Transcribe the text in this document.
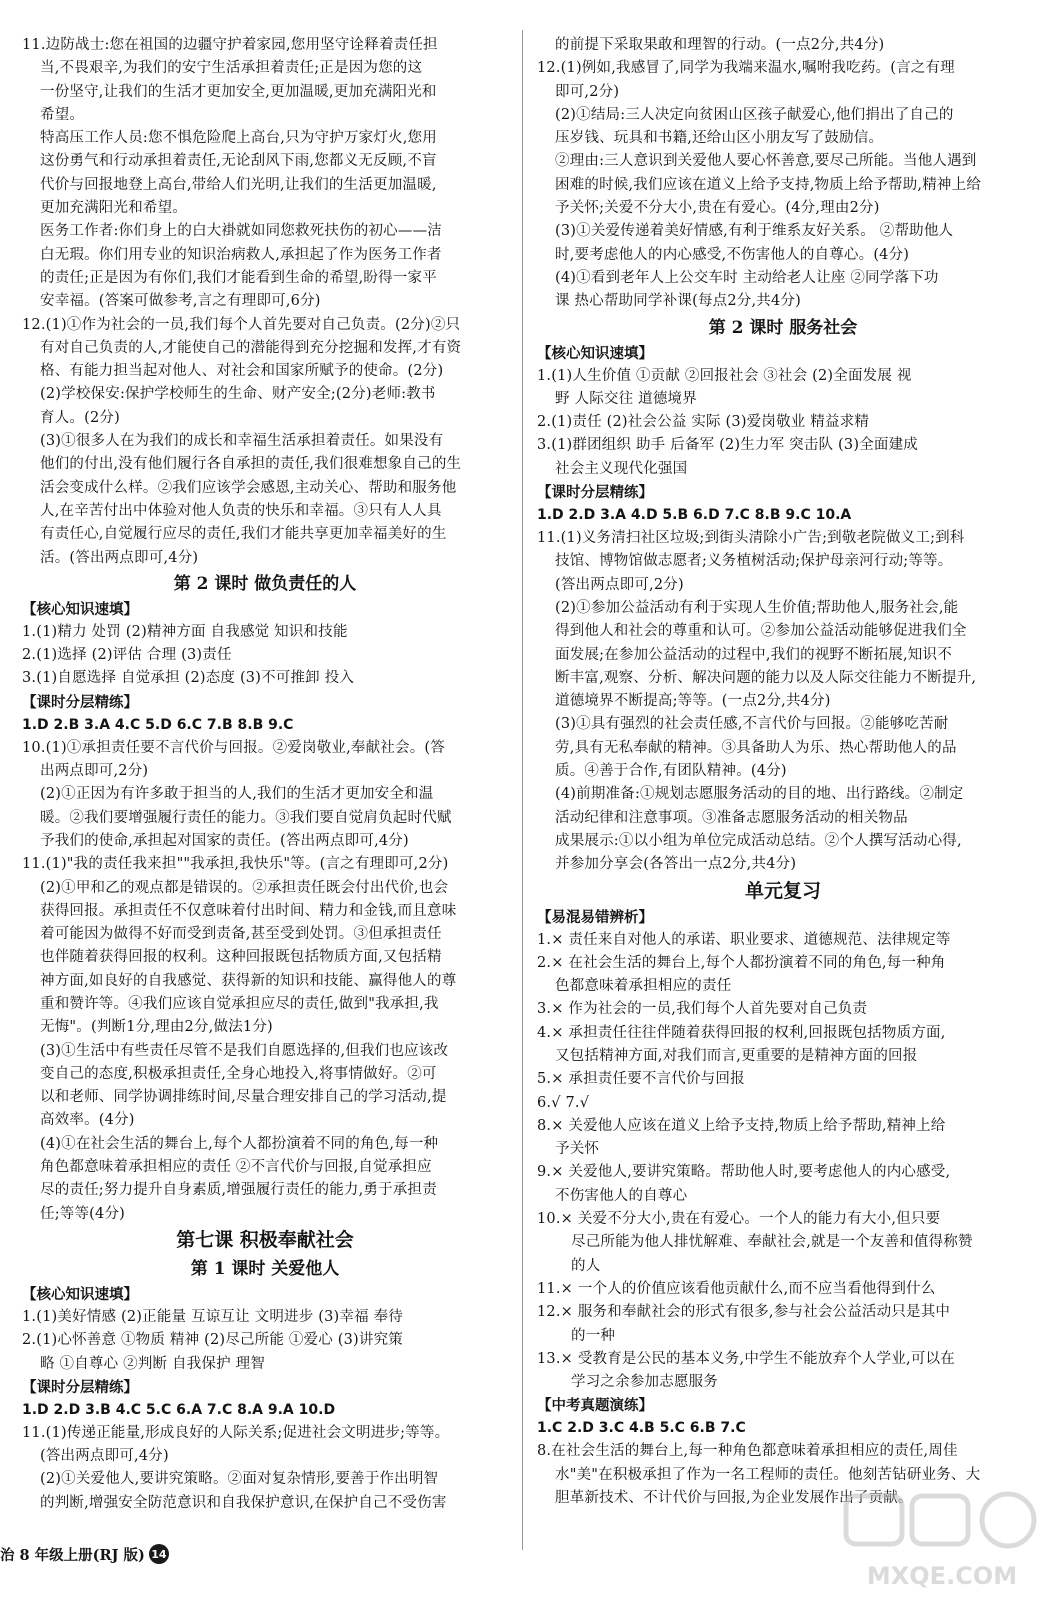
11.边防战士:您在祖国的边疆守护着家园,您用坚守诠释着责任担
当,不畏艰辛,为我们的安宁生活承担着责任;正是因为您的这
一份坚守,让我们的生活才更加安全,更加温暖,更加充满阳光和
希望。
特高压工作人员:您不惧危险爬上高台,只为守护万家灯火,您用
这份勇气和行动承担着责任,无论刮风下雨,您都义无反顾,不盲
代价与回报地登上高台,带给人们光明,让我们的生活更加温暖,
更加充满阳光和希望。
医务工作者:你们身上的白大褂就如同您救死扶伤的初心——洁
白无瑕。你们用专业的知识治病救人,承担起了作为医务工作者
的责任;正是因为有你们,我们才能看到生命的希望,盼得一家平
安幸福。(答案可做参考,言之有理即可,6分)
12.(1)①作为社会的一员,我们每个人首先要对自己负责。(2分)②只
有对自己负责的人,才能使自己的潜能得到充分挖掘和发挥,才有资
格、有能力担当起对他人、对社会和国家所赋予的使命。(2分)
(2)学校保安:保护学校师生的生命、财产安全;(2分)老师:教书
育人。(2分)
(3)①很多人在为我们的成长和幸福生活承担着责任。如果没有
他们的付出,没有他们履行各自承担的责任,我们很难想象自己的生
活会变成什么样。②我们应该学会感恩,主动关心、帮助和服务他
人,在辛苦付出中体验对他人负责的快乐和幸福。③只有人人具
有责任心,自觉履行应尽的责任,我们才能共享更加幸福美好的生
活。(答出两点即可,4分)
第 2 课时 做负责任的人
【核心知识速填】
1.(1)精力 处罚 (2)精神方面 自我感觉 知识和技能
2.(1)选择 (2)评估 合理 (3)责任
3.(1)自愿选择 自觉承担 (2)态度 (3)不可推卸 投入
【课时分层精练】
1.D 2.B 3.A 4.C 5.D 6.C 7.B 8.B 9.C
10.(1)①承担责任要不言代价与回报。②爱岗敬业,奉献社会。(答
出两点即可,2分)
(2)①正因为有许多敢于担当的人,我们的生活才更加安全和温
暖。②我们要增强履行责任的能力。③我们要自觉肩负起时代赋
予我们的使命,承担起对国家的责任。(答出两点即可,4分)
11.(1)"我的责任我来担""我承担,我快乐"等。(言之有理即可,2分)
(2)①甲和乙的观点都是错误的。②承担责任既会付出代价,也会
获得回报。承担责任不仅意味着付出时间、精力和金钱,而且意味
着可能因为做得不好而受到责备,甚至受到处罚。③但承担责任
也伴随着获得回报的权利。这种回报既包括物质方面,又包括精
神方面,如良好的自我感觉、获得新的知识和技能、赢得他人的尊
重和赞许等。④我们应该自觉承担应尽的责任,做到"我承担,我
无悔"。(判断1分,理由2分,做法1分)
(3)①生活中有些责任尽管不是我们自愿选择的,但我们也应该改
变自己的态度,积极承担责任,全身心地投入,将事情做好。②可
以和老师、同学协调排练时间,尽量合理安排自己的学习活动,提
高效率。(4分)
(4)①在社会生活的舞台上,每个人都扮演着不同的角色,每一种
角色都意味着承担相应的责任 ②不言代价与回报,自觉承担应
尽的责任;努力提升自身素质,增强履行责任的能力,勇于承担责
任;等等(4分)
第七课 积极奉献社会
第 1 课时 关爱他人
【核心知识速填】
1.(1)美好情感 (2)正能量 互谅互让 文明进步 (3)幸福 奉待
2.(1)心怀善意 ①物质 精神 (2)尽己所能 ①爱心 (3)讲究策
略 ①自尊心 ②判断 自我保护 理智
【课时分层精练】
1.D 2.D 3.B 4.C 5.C 6.A 7.C 8.A 9.A 10.D
11.(1)传递正能量,形成良好的人际关系;促进社会文明进步;等等。
(答出两点即可,4分)
(2)①关爱他人,要讲究策略。②面对复杂情形,要善于作出明智
的判断,增强安全防范意识和自我保护意识,在保护自己不受伤害
的前提下采取果敢和理智的行动。(一点2分,共4分)
12.(1)例如,我感冒了,同学为我端来温水,嘱咐我吃药。(言之有理
即可,2分)
(2)①结局:三人决定向贫困山区孩子献爱心,他们捐出了自己的
压岁钱、玩具和书籍,还给山区小朋友写了鼓励信。
②理由:三人意识到关爱他人要心怀善意,要尽己所能。当他人遇到
困难的时候,我们应该在道义上给予支持,物质上给予帮助,精神上给
予关怀;关爱不分大小,贵在有爱心。(4分,理由2分)
(3)①关爱传递着美好情感,有利于维系友好关系。 ②帮助他人
时,要考虑他人的内心感受,不伤害他人的自尊心。(4分)
(4)①看到老年人上公交车时 主动给老人让座 ②同学落下功
课 热心帮助同学补课(每点2分,共4分)
第 2 课时 服务社会
【核心知识速填】
1.(1)人生价值 ①贡献 ②回报社会 ③社会 (2)全面发展 视
野 人际交往 道德境界
2.(1)责任 (2)社会公益 实际 (3)爱岗敬业 精益求精
3.(1)群团组织 助手 后备军 (2)生力军 突击队 (3)全面建成
社会主义现代化强国
【课时分层精练】
1.D 2.D 3.A 4.D 5.B 6.D 7.C 8.B 9.C 10.A
11.(1)义务清扫社区垃圾;到街头清除小广告;到敬老院做义工;到科
技馆、博物馆做志愿者;义务植树活动;保护母亲河行动;等等。
(答出两点即可,2分)
(2)①参加公益活动有利于实现人生价值;帮助他人,服务社会,能
得到他人和社会的尊重和认可。②参加公益活动能够促进我们全
面发展;在参加公益活动的过程中,我们的视野不断拓展,知识不
断丰富,观察、分析、解决问题的能力以及人际交往能力不断提升,
道德境界不断提高;等等。(一点2分,共4分)
(3)①具有强烈的社会责任感,不言代价与回报。②能够吃苦耐
劳,具有无私奉献的精神。③具备助人为乐、热心帮助他人的品
质。④善于合作,有团队精神。(4分)
(4)前期准备:①规划志愿服务活动的目的地、出行路线。②制定
活动纪律和注意事项。③准备志愿服务活动的相关物品
成果展示:①以小组为单位完成活动总结。②个人撰写活动心得,
并参加分享会(各答出一点2分,共4分)
单元复习
【易混易错辨析】
1.× 责任来自对他人的承诺、职业要求、道德规范、法律规定等
2.× 在社会生活的舞台上,每个人都扮演着不同的角色,每一种角
色都意味着承担相应的责任
3.× 作为社会的一员,我们每个人首先要对自己负责
4.× 承担责任往往伴随着获得回报的权利,回报既包括物质方面,
又包括精神方面,对我们而言,更重要的是精神方面的回报
5.× 承担责任要不言代价与回报
6.√ 7.√
8.× 关爱他人应该在道义上给予支持,物质上给予帮助,精神上给
予关怀
9.× 关爱他人,要讲究策略。帮助他人时,要考虑他人的内心感受,
不伤害他人的自尊心
10.× 关爱不分大小,贵在有爱心。一个人的能力有大小,但只要
尽己所能为他人排忧解难、奉献社会,就是一个友善和值得称赞
的人
11.× 一个人的价值应该看他贡献什么,而不应当看他得到什么
12.× 服务和奉献社会的形式有很多,参与社会公益活动只是其中
的一种
13.× 受教育是公民的基本义务,中学生不能放弃个人学业,可以在
学习之余参加志愿服务
【中考真题演练】
1.C 2.D 3.C 4.B 5.C 6.B 7.C
8.在社会生活的舞台上,每一种角色都意味着承担相应的责任,周佳
水"美"在积极承担了作为一名工程师的责任。他刻苦钻研业务、大
胆革新技术、不计代价与回报,为企业发展作出了贡献。
治 8 年级上册(RJ 版) 14
MXQE.COM
